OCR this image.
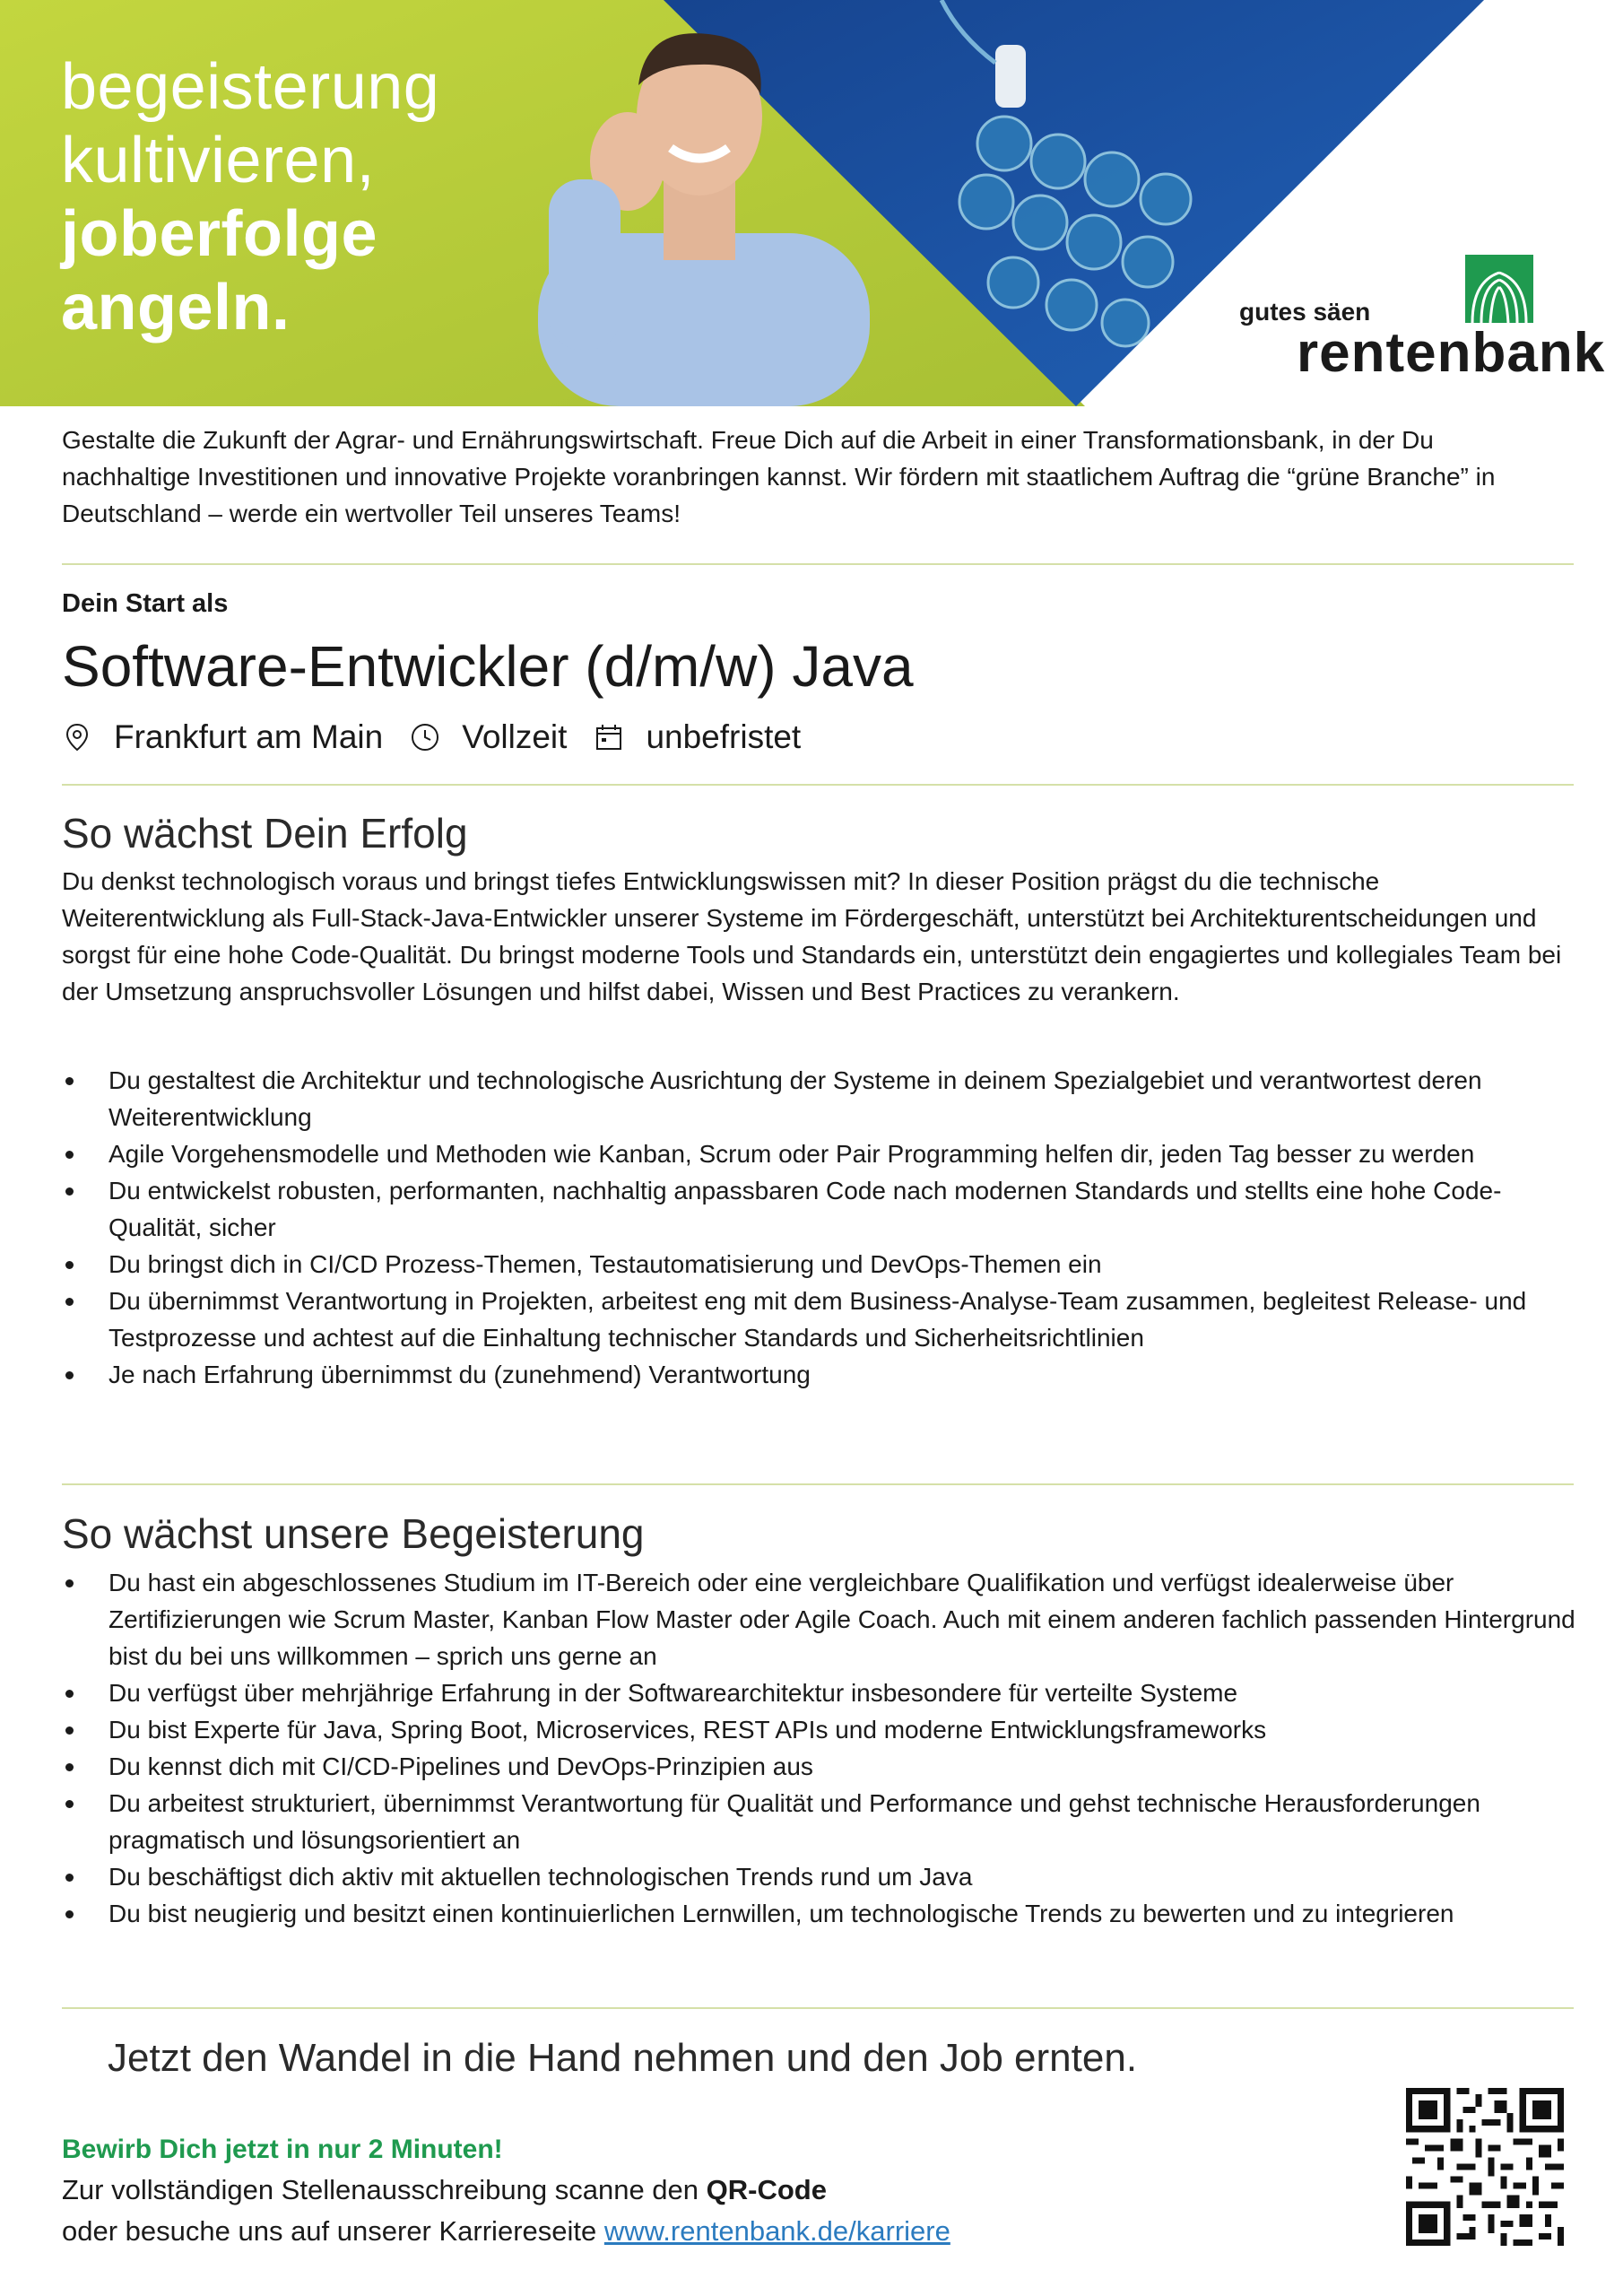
begeisterung
kultivieren,
joberfolge
angeln.	gutes säen
rentenbank
Gestalte die Zukunft der Agrar- und Ernährungswirtschaft. Freue Dich auf die Arbeit in einer Transformationsbank, in der Du nachhaltige Investitionen und innovative Projekte voranbringen kannst. Wir fördern mit staatlichem Auftrag die “grüne Branche” in Deutschland – werde ein wertvoller Teil unseres Teams!
Dein Start als
Software-Entwickler (d/m/w) Java
Frankfurt am Main Vollzeit unbefristet
So wächst Dein Erfolg
Du denkst technologisch voraus und bringst tiefes Entwicklungswissen mit? In dieser Position prägst du die technische Weiterentwicklung als Full-Stack-Java-Entwickler unserer Systeme im Fördergeschäft, unterstützt bei Architekturentscheidungen und sorgst für eine hohe Code-Qualität. Du bringst moderne Tools und Standards ein, unterstützt dein engagiertes und kollegiales Team bei der Umsetzung anspruchsvoller Lösungen und hilfst dabei, Wissen und Best Practices zu verankern.
Du gestaltest die Architektur und technologische Ausrichtung der Systeme in deinem Spezialgebiet und verantwortest deren Weiterentwicklung
Agile Vorgehensmodelle und Methoden wie Kanban, Scrum oder Pair Programming helfen dir, jeden Tag besser zu werden
Du entwickelst robusten, performanten, nachhaltig anpassbaren Code nach modernen Standards und stellts eine hohe Code-Qualität, sicher
Du bringst dich in CI/CD Prozess-Themen, Testautomatisierung und DevOps-Themen ein
Du übernimmst Verantwortung in Projekten, arbeitest eng mit dem Business-Analyse-Team zusammen, begleitest Release- und Testprozesse und achtest auf die Einhaltung technischer Standards und Sicherheitsrichtlinien
Je nach Erfahrung übernimmst du (zunehmend) Verantwortung
So wächst unsere Begeisterung
Du hast ein abgeschlossenes Studium im IT-Bereich oder eine vergleichbare Qualifikation und verfügst idealerweise über Zertifizierungen wie Scrum Master, Kanban Flow Master oder Agile Coach. Auch mit einem anderen fachlich passenden Hintergrund bist du bei uns willkommen – sprich uns gerne an
Du verfügst über mehrjährige Erfahrung in der Softwarearchitektur insbesondere für verteilte Systeme
Du bist Experte für Java, Spring Boot, Microservices, REST APIs und moderne Entwicklungsframeworks
Du kennst dich mit CI/CD-Pipelines und DevOps-Prinzipien aus
Du arbeitest strukturiert, übernimmst Verantwortung für Qualität und Performance und gehst technische Herausforderungen pragmatisch und lösungsorientiert an
Du beschäftigst dich aktiv mit aktuellen technologischen Trends rund um Java
Du bist neugierig und besitzt einen kontinuierlichen Lernwillen, um technologische Trends zu bewerten und zu integrieren
Jetzt den Wandel in die Hand nehmen und den Job ernten.
Bewirb Dich jetzt in nur 2 Minuten!
Zur vollständigen Stellenausschreibung scanne den QR-Code
oder besuche uns auf unserer Karriereseite www.rentenbank.de/karriere
